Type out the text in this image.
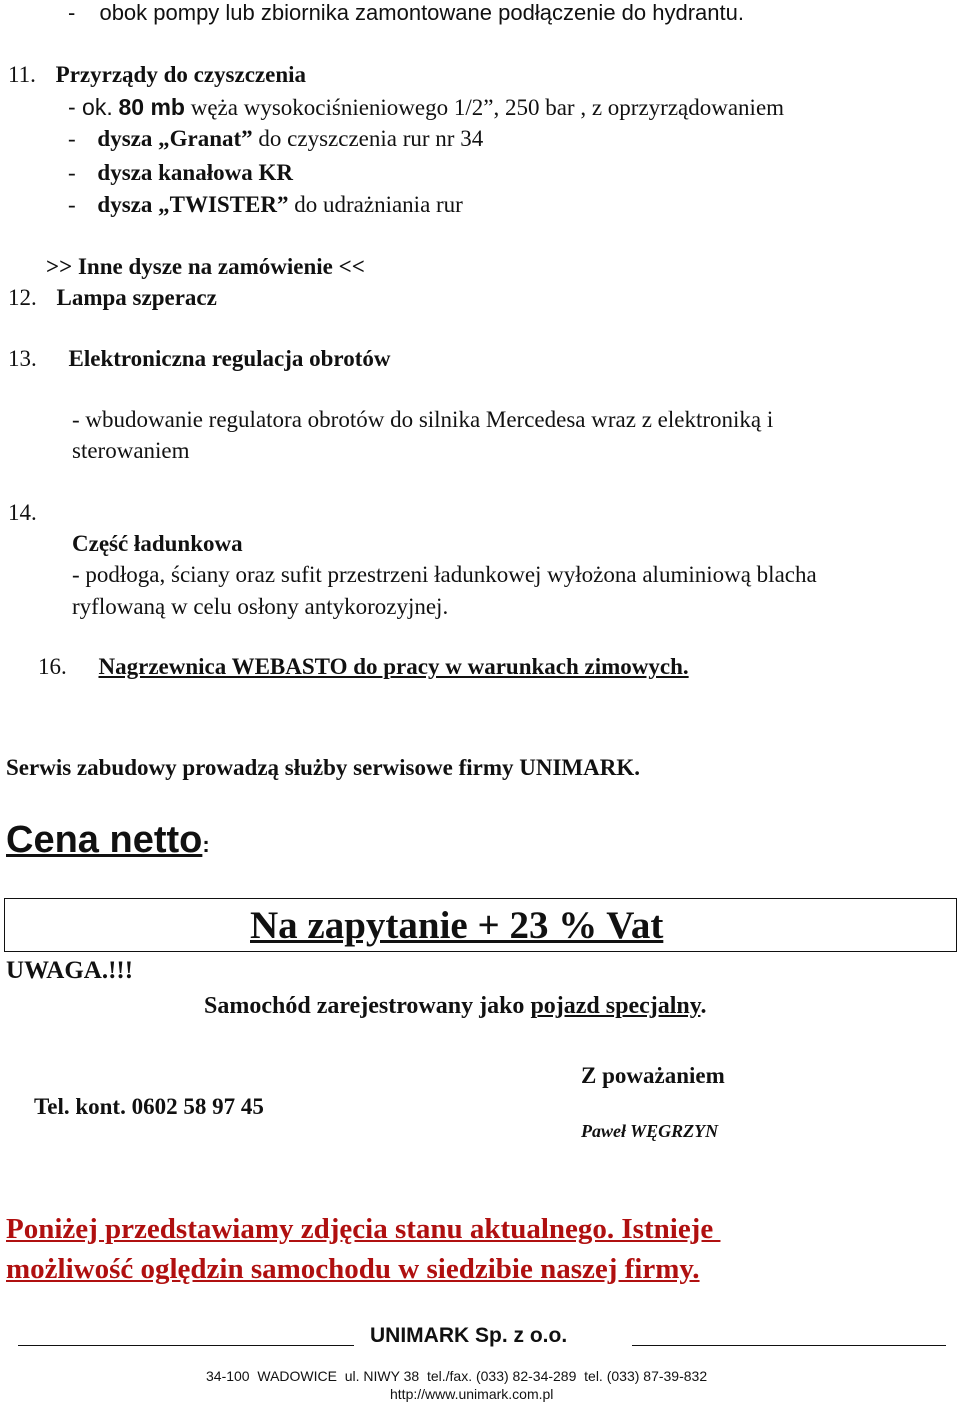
- obok pompy lub zbiornika zamontowane podłączenie do hydrantu.
11. Przyrządy do czyszczenia
- ok. 80 mb węża wysokociśnieniowego 1/2”, 250 bar , z oprzyrządowaniem
- dysza „Granat” do czyszczenia rur nr 34
- dysza kanałowa KR
- dysza „TWISTER” do udrażniania rur
>> Inne dysze na zamówienie <<
12. Lampa szperacz
13. Elektroniczna regulacja obrotów
- wbudowanie regulatora obrotów do silnika Mercedesa wraz z elektroniką i
sterowaniem
14.
Część ładunkowa
- podłoga, ściany oraz sufit przestrzeni ładunkowej wyłożona aluminiową blacha
ryflowaną w celu osłony antykorozyjnej.
16. Nagrzewnica WEBASTO do pracy w warunkach zimowych.
Serwis zabudowy prowadzą służby serwisowe firmy UNIMARK.
Cena netto:
Na zapytanie + 23 % Vat
UWAGA.!!!
Samochód zarejestrowany jako pojazd specjalny.
Z poważaniem
Tel. kont. 0602 58 97 45
Paweł WĘGRZYN
Poniżej przedstawiamy zdjęcia stanu aktualnego. Istnieje
możliwość oględzin samochodu w siedzibie naszej firmy.
UNIMARK Sp. z o.o.
34-100  WADOWICE  ul. NIWY 38  tel./fax. (033) 82-34-289  tel. (033) 87-39-832
http://www.unimark.com.pl
